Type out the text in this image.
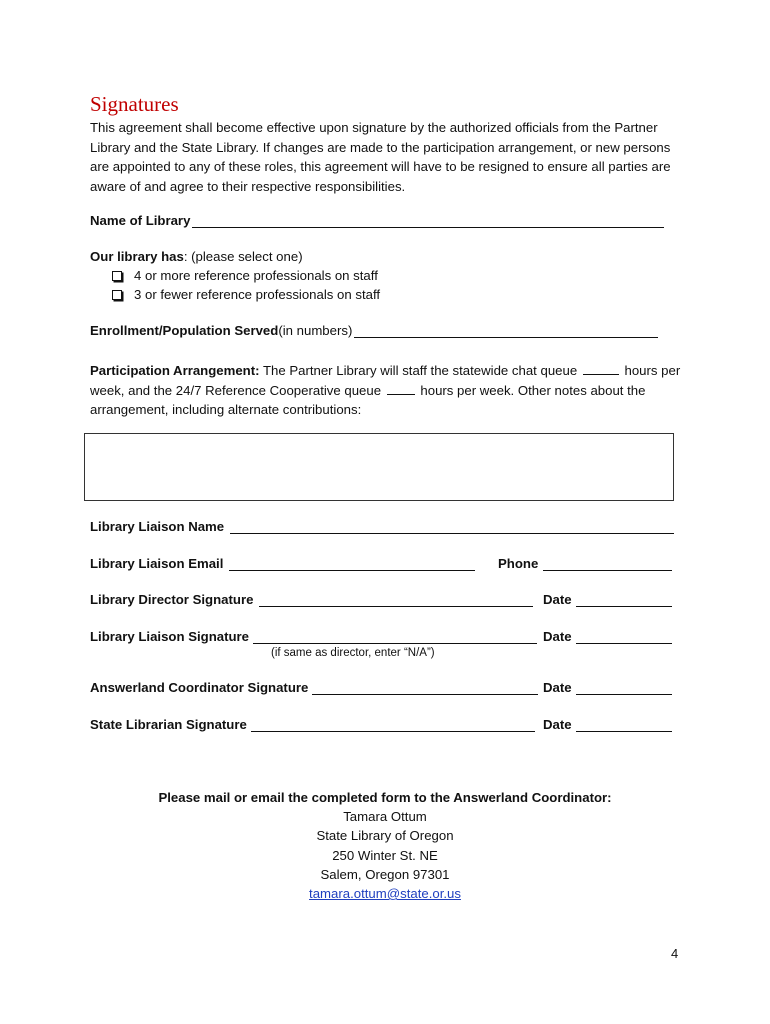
Signatures

This agreement shall become effective upon signature by the authorized officials from the Partner Library and the State Library. If changes are made to the participation arrangement, or new persons are appointed to any of these roles, this agreement will have to be resigned to ensure all parties are aware of and agree to their respective responsibilities.

Name of Library
Our library has : (please select one)
4 or more reference professionals on staff
3 or fewer reference professionals on staff
Enrollment/Population Served (in numbers)

Participation Arrangement: The Partner Library will staff the statewide chat queue	hours per week, and the 24/7 Reference Cooperative queue  hours per week. Other notes about the arrangement, including alternate contributions:

Library Liaison Name
Library Liaison Email	Phone
Library Director Signature	Date
Library Liaison Signature	Date
(if same as director, enter “N/A”)
Answerland Coordinator Signature	Date
State Librarian Signature	Date
Please mail or email the completed form to the Answerland Coordinator:
Tamara Ottum
State Library of Oregon
250 Winter St. NE
Salem, Oregon 97301
tamara.ottum@state.or.us
4
